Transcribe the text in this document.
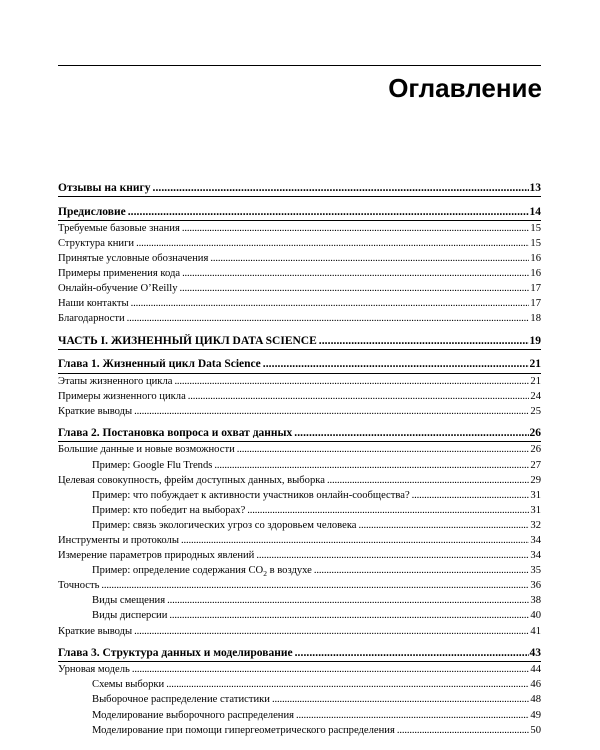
Оглавление
Отзывы на книгу . . .	13
Предисловие . . .	14
Требуемые базовые знания . . .	15
Структура книги . . .	15
Принятые условные обозначения . . .	16
Примеры применения кода . . .	16
Онлайн-обучение O’Reilly . . .	17
Наши контакты . . .	17
Благодарности . . .	18
ЧАСТЬ I. ЖИЗНЕННЫЙ ЦИКЛ DATA SCIENCE . . .	19
Глава 1. Жизненный цикл Data Science . . .	21
Этапы жизненного цикла . . .	21
Примеры жизненного цикла . . .	24
Краткие выводы . . .	25
Глава 2. Постановка вопроса и охват данных . . .	26
Большие данные и новые возможности . . .	26
Пример: Google Flu Trends . . .	27
Целевая совокупность, фрейм доступных данных, выборка . . .	29
Пример: что побуждает к активности участников онлайн-сообщества? . . .	31
Пример: кто победит на выборах? . . .	31
Пример: связь экологических угроз со здоровьем человека . . .	32
Инструменты и протоколы . . .	34
Измерение параметров природных явлений . . .	34
Пример: определение содержания $CO_2$ в воздухе . . .	35
Точность . . .	36
Виды смещения . . .	38
Виды дисперсии . . .	40
Краткие выводы . . .	41
Глава 3. Структура данных и моделирование . . .	43
Урновая модель . . .	44
Схемы выборки . . .	46
Выборочное распределение статистики . . .	48
Моделирование выборочного распределения . . .	49
Моделирование при помощи гипергеометрического распределения . . .	50
